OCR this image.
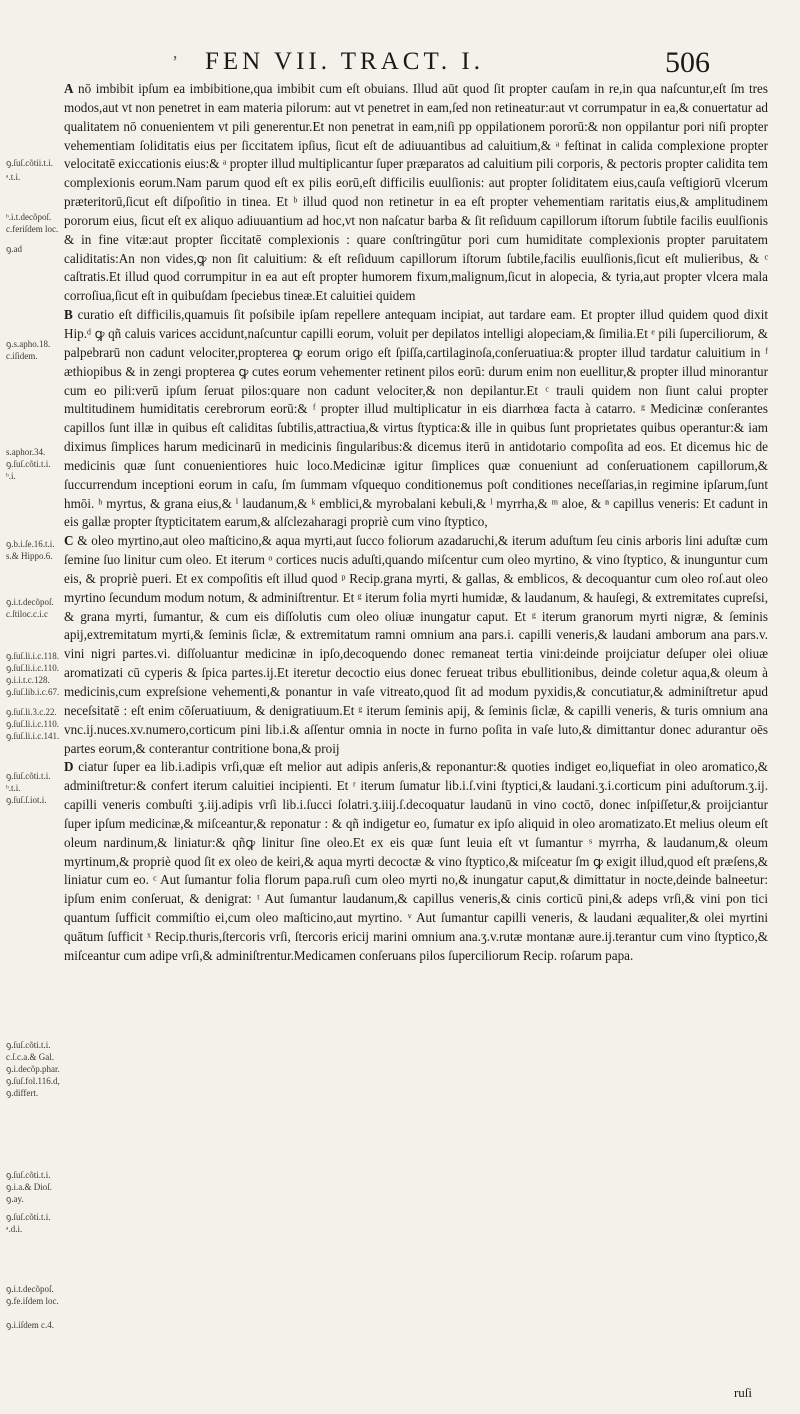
’ FEN VII. TRACT. I.	506

A nō imbibit ipſum ea imbibitione,qua imbibit cum eſt obuians. Illud aūt quod ſit propter cauſam in re,in qua naſcuntur,eſt ſm tres modos,aut vt non penetret in eam materia pilorum: aut vt penetret in eam,ſed non retineatur:aut vt corrumpatur in ea,& conuertatur ad qualitatem nō conuenientem vt pili generentur.Et non penetrat in eam,niſi pp oppilationem pororū:& non oppilantur pori niſi propter vehementiam ſoliditatis eius per ſiccitatem ipſius, ſicut eſt de adiuuantibus ad caluitium,& ᵃ feſtinat in calida complexione propter velocitatē exiccationis eius:& ᵃ propter illud multiplicantur ſuper præparatos ad caluitium pili corporis, & pectoris propter calidita tem complexionis eorum.Nam parum quod eſt ex pilis eorū,eſt difficilis euulſionis: aut propter ſoliditatem eius,cauſa veſtigiorū vlcerum præteritorū,ſicut eſt diſpoſitio in tinea. Et ᵇ illud quod non retinetur in ea eſt propter vehementiam raritatis eius,& amplitudinem pororum eius, ſicut eſt ex aliquo adiuuantium ad hoc,vt non naſcatur barba & ſit reſiduum capillorum iſtorum ſubtile facilis euulſionis & in fine vitæ:aut propter ſiccitatē complexionis : quare conſtringūtur pori cum humiditate complexionis propter paruitatem caliditatis:An non vides,ꝙ non ſit caluitium: & eſt reſiduum capillorum iſtorum ſubtile,facilis euulſionis,ſicut eſt mulieribus, & ᶜ caſtratis.Et illud quod corrumpitur in ea aut eſt propter humorem fixum,malignum,ſicut in alopecia, & tyria,aut propter vlcera mala corroſiua,ſicut eſt in quibuſdam ſpeciebus tineæ.Et caluitiei quidem

B curatio eſt difficilis,quamuis ſit poſsibile ipſam repellere antequam incipiat, aut tardare eam. Et propter illud quidem quod dixit Hip.ᵈ ꝙ qñ caluis varices accidunt,naſcuntur capilli eorum, voluit per depilatos intelligi alopeciam,& ſimilia.Et ᵉ pili ſuperciliorum, & palpebrarū non cadunt velociter,propterea ꝙ eorum origo eſt ſpiſſa,cartilaginoſa,conſeruatiua:& propter illud tardatur caluitium in ᶠ æthiopibus & in zengi propterea ꝙ cutes eorum vehementer retinent pilos eorū: durum enim non euellitur,& propter illud minorantur cum eo pili:verū ipſum ſeruat pilos:quare non cadunt velociter,& non depilantur.Et ᶜ trauli quidem non ſiunt calui propter multitudinem humiditatis cerebrorum eorū:& ᶠ propter illud multiplicatur in eis diarrhœa facta à catarro. ᵍ Medicinæ conſerantes capillos ſunt illæ in quibus eſt caliditas ſubtilis,attractiua,& virtus ſtyptica:& ille in quibus ſunt proprietates quibus operantur:& iam diximus ſimplices harum medicinarū in medicinis ſingularibus:& dicemus iterū in antidotario compoſita ad eos. Et dicemus hic de medicinis quæ ſunt conuenientiores huic loco.Medicinæ igitur ſimplices quæ conueniunt ad conſeruationem capillorum,& ſuccurrendum inceptioni eorum in caſu, ſm ſummam vſquequo conditionemus poſt conditiones neceſſarias,in regimine ipſarum,ſunt hmōi. ʰ myrtus, & grana eius,& ⁱ laudanum,& ᵏ emblici,& myrobalani kebuli,& ˡ myrrha,& ᵐ aloe, & ⁿ capillus veneris: Et cadunt in eis gallæ propter ſtypticitatem earum,& alſclezaharagi propriè cum vino ſtyptico,

C & oleo myrtino,aut oleo maſticino,& aqua myrti,aut ſucco foliorum azadaruchi,& iterum aduſtum ſeu cinis arboris lini aduſtæ cum ſemine ſuo linitur cum oleo. Et iterum ᵒ cortices nucis aduſti,quando miſcentur cum oleo myrtino, & vino ſtyptico, & inunguntur cum eis, & propriè pueri. Et ex compoſitis eſt illud quod ᵖ Recip.grana myrti, & gallas, & emblicos, & decoquantur cum oleo roſ.aut oleo myrtino ſecundum modum notum, & adminiſtrentur. Et ᵍ iterum folia myrti humidæ, & laudanum, & hauſegi, & extremitates cupreſsi, & grana myrti, ſumantur, & cum eis diſſolutis cum oleo oliuæ inungatur caput. Et ᵍ iterum granorum myrti nigræ, & ſeminis apij,extremitatum myrti,& ſeminis ſiclæ, & extremitatum ramni omnium ana pars.i. capilli veneris,& laudani amborum ana pars.v. vini nigri partes.vi. diſſoluantur medicinæ in ipſo,decoquendo donec remaneat tertia vini:deinde proijciatur deſuper olei oliuæ aromatizati cū cyperis & ſpica partes.ij.Et iteretur decoctio eius donec ferueat tribus ebullitionibus, deinde coletur aqua,& oleum à medicinis,cum expreſsione vehementi,& ponantur in vaſe vitreato,quod ſit ad modum pyxidis,& concutiatur,& adminiſtretur apud neceſsitatē : eſt enim cōſeruatiuum, & denigratiuum.Et ᵍ iterum ſeminis apij, & ſeminis ſiclæ, & capilli veneris, & turis omnium ana vnc.ij.nuces.xv.numero,corticum pini lib.i.& aſſentur omnia in nocte in furno poſita in vaſe luto,& dimittantur donec adurantur oēs partes eorum,& conterantur contritione bona,& proij

D ciatur ſuper ea lib.i.adipis vrſi,quæ eſt melior aut adipis anſeris,& reponantur:& quoties indiget eo,liquefiat in oleo aromatico,& adminiſtretur:& confert iterum caluitiei incipienti. Et ʳ iterum ſumatur lib.i.ſ.vini ſtyptici,& laudani.ʒ.i.corticum pini aduſtorum.ʒ.ij. capilli veneris combuſti ʒ.iij.adipis vrſi lib.i.ſucci ſolatri.ʒ.iiij.ſ.decoquatur laudanū in vino coctō, donec inſpiſſetur,& proijciantur ſuper ipſum medicinæ,& miſceantur,& reponatur : & qñ indigetur eo, ſumatur ex ipſo aliquid in oleo aromatizato.Et melius oleum eſt oleum nardinum,& liniatur:& qñꝙ linitur ſine oleo.Et ex eis quæ ſunt leuia eſt vt ſumantur ˢ myrrha, & laudanum,& oleum myrtinum,& propriè quod ſit ex oleo de keiri,& aqua myrti decoctæ & vino ſtyptico,& miſceatur ſm ꝙ exigit illud,quod eſt præſens,& liniatur cum eo. ᶜ Aut ſumantur folia florum papa.ruſi cum oleo myrti no,& inungatur caput,& dimittatur in nocte,deinde balneetur: ipſum enim conſeruat, & denigrat: ᵗ Aut ſumantur laudanum,& capillus veneris,& cinis corticū pini,& adeps vrſi,& vini pon tici quantum ſufficit commiſtio ei,cum oleo maſticino,aut myrtino. ᵛ Aut ſumantur capilli veneris, & laudani æqualiter,& olei myrtini quātum ſufficit ˣ Recip.thuris,ſtercoris vrſi, ſtercoris ericij marini omnium ana.ʒ.v.rutæ montanæ aure.ij.terantur cum vino ſtyptico,& miſceantur cum adipe vrſi,& adminiſtrentur.Medicamen conſeruans pilos ſuperciliorum Recip. roſarum papa.

ꝯ.ſuſ.cõtii.t.i.
ᵃ.t.i.
ᵇ.i.t.decõpoſ.
c.feriſdem loc.
ꝯ.ad
ꝯ.s.apho.18.
c.iſidem.
s.aphor.34.
ꝯ.ſuſ.cõti.t.i.
ᵇ.i.
ꝯ.b.i.ſe.16.t.i.
s.& Hippo.6.
ꝯ.i.t.decõpoſ.
c.ſtiloc.c.i.c
ꝯ.ſuſ.li.i.c.118.
ꝯ.ſuſ.li.i.c.110.
ꝯ.i.i.t.c.128.
ꝯ.ſuſ.lib.i.c.67.
ꝯ.ſuſ.li.3.c.22.
ꝯ.ſuſ.li.i.c.110.
ꝯ.ſuſ.li.i.c.141.
ꝯ.ſuſ.cõti.t.i.
ᵇ.t.i.
ꝯ.ſuſ.ſ.iot.i.
ꝯ.ſuſ.cõti.t.i.
c.ſ.c.a.& Gal.
ꝯ.i.decõp.phar.
ꝯ.ſuſ.fol.116.d,
ꝯ.differt.
ꝯ.ſuſ.cõti.t.i.
ꝯ.i.a.& Dioſ.
ꝯ.ay.
ꝯ.ſuſ.cõti.t.i.
ᵃ.d.i.
ꝯ.i.t.decõpoſ.
ꝯ.fe.iſdem loc.
ꝯ.i.iſdem c.4.
ruſi
